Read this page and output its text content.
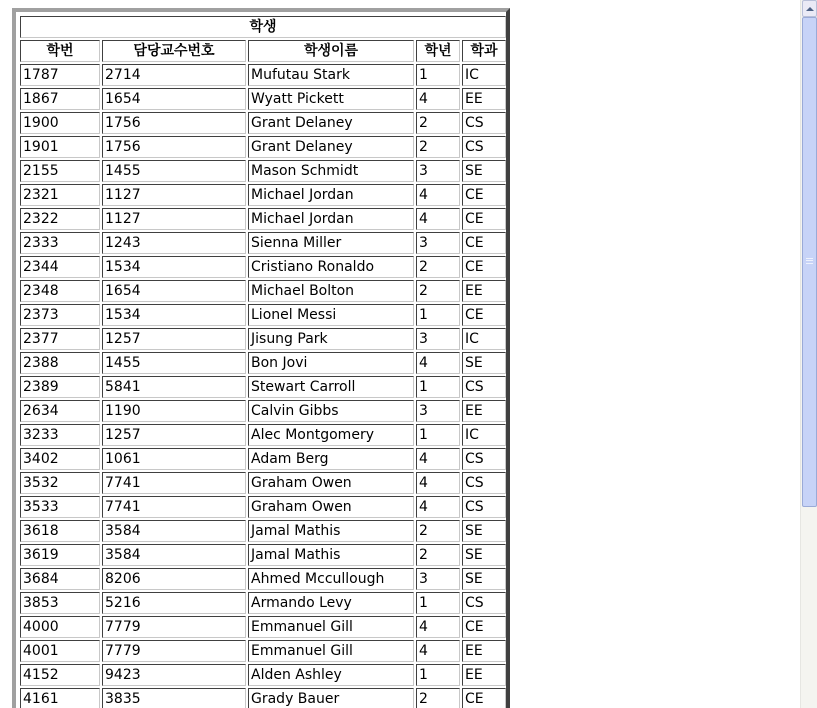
학생				
학번	담당교수번호	학생이름	학년	학과
1787	2714	Mufutau Stark	1	IC
1867	1654	Wyatt Pickett	4	EE
1900	1756	Grant Delaney	2	CS
1901	1756	Grant Delaney	2	CS
2155	1455	Mason Schmidt	3	SE
2321	1127	Michael Jordan	4	CE
2322	1127	Michael Jordan	4	CE
2333	1243	Sienna Miller	3	CE
2344	1534	Cristiano Ronaldo	2	CE
2348	1654	Michael Bolton	2	EE
2373	1534	Lionel Messi	1	CE
2377	1257	Jisung Park	3	IC
2388	1455	Bon Jovi	4	SE
2389	5841	Stewart Carroll	1	CS
2634	1190	Calvin Gibbs	3	EE
3233	1257	Alec Montgomery	1	IC
3402	1061	Adam Berg	4	CS
3532	7741	Graham Owen	4	CS
3533	7741	Graham Owen	4	CS
3618	3584	Jamal Mathis	2	SE
3619	3584	Jamal Mathis	2	SE
3684	8206	Ahmed Mccullough	3	SE
3853	5216	Armando Levy	1	CS
4000	7779	Emmanuel Gill	4	CE
4001	7779	Emmanuel Gill	4	EE
4152	9423	Alden Ashley	1	EE
4161	3835	Grady Bauer	2	CE
